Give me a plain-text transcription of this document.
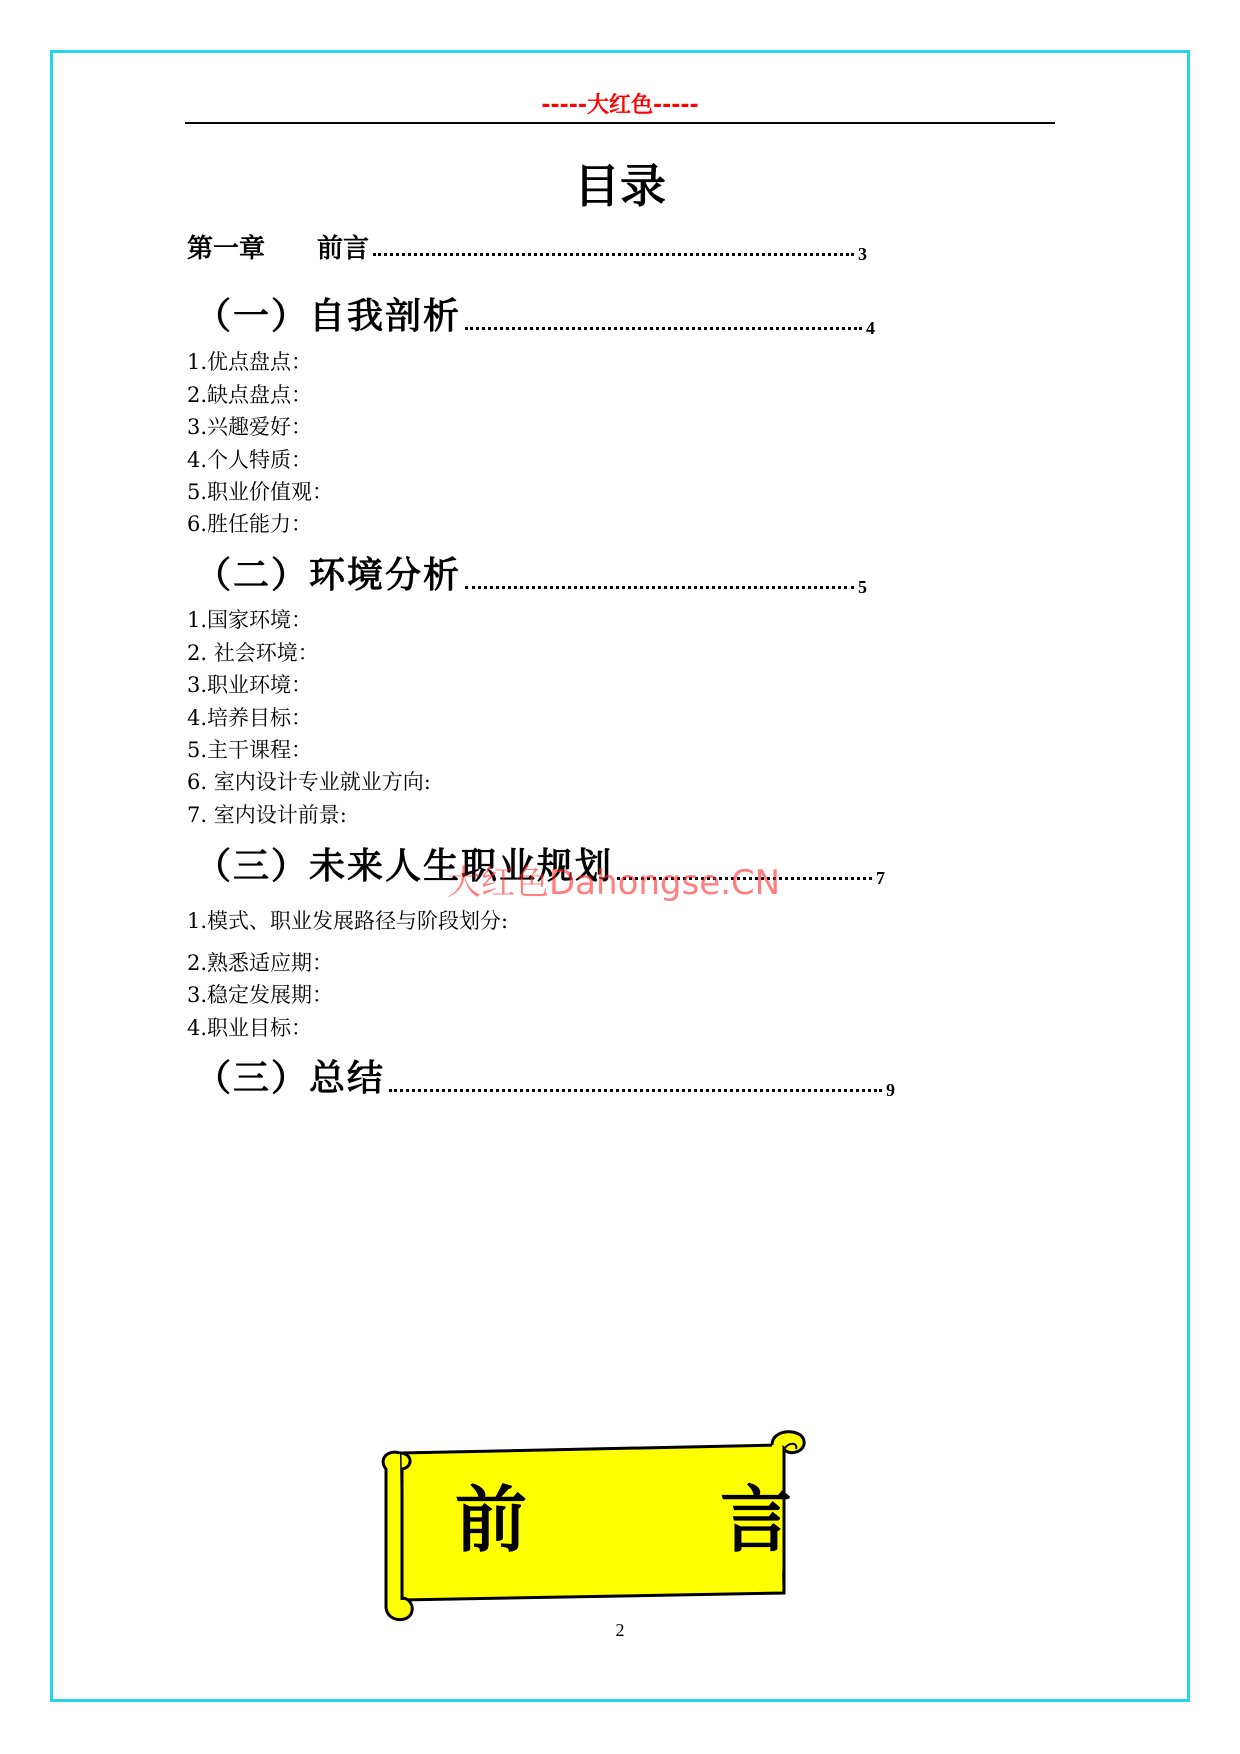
-----大红色-----
目录
第一章　　前言	3
（一）自我剖析	4
1.优点盘点：
2.缺点盘点：
3.兴趣爱好：
4.个人特质：
5.职业价值观：
6.胜任能力：
（二）环境分析	5
1.国家环境：
2. 社会环境：
3.职业环境：
4.培养目标：
5.主干课程：
6. 室内设计专业就业方向:
7. 室内设计前景:
（三）未来人生职业规划	7
1.模式、职业发展路径与阶段划分:
2.熟悉适应期：
3.稳定发展期：
4.职业目标：
（三）总结	9
大红色Dahongse.CN
前	言
2
